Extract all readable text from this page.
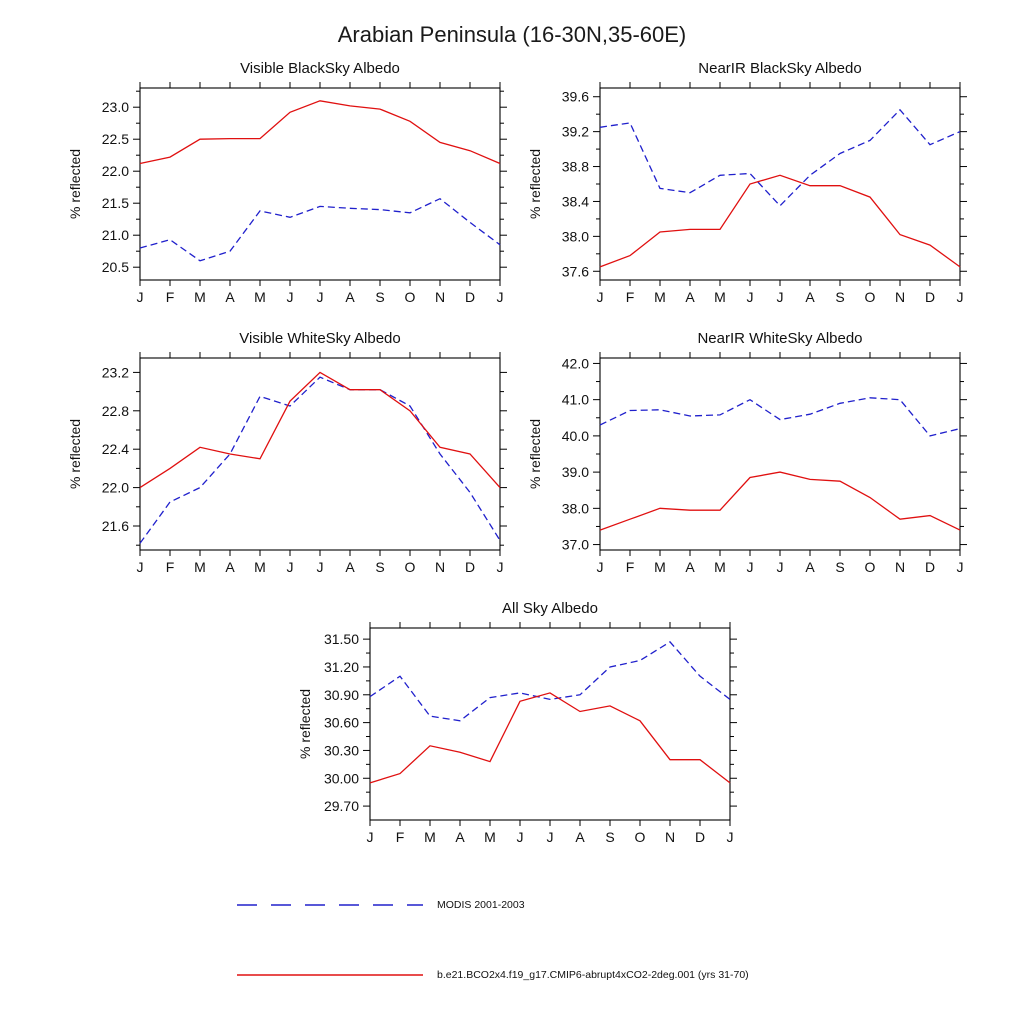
Arabian Peninsula (16-30N,35-60E)
Visible BlackSky Albedo
% reflected
J F M A M J J A S O N D J
20.5
21.0
21.5
22.0
22.5
23.0
NearIR BlackSky Albedo
% reflected
J F M A M J J A S O N D J
37.6
38.0
38.4
38.8
39.2
39.6
Visible WhiteSky Albedo
% reflected
J F M A M J J A S O N D J
21.6
22.0
22.4
22.8
23.2
NearIR WhiteSky Albedo
% reflected
J F M A M J J A S O N D J
37.0
38.0
39.0
40.0
41.0
42.0
All Sky Albedo
% reflected
J F M A M J J A S O N D J
29.70
30.00
30.30
30.60
30.90
31.20
31.50
MODIS 2001-2003
b.e21.BCO2x4.f19_g17.CMIP6-abrupt4xCO2-2deg.001 (yrs 31-70)
